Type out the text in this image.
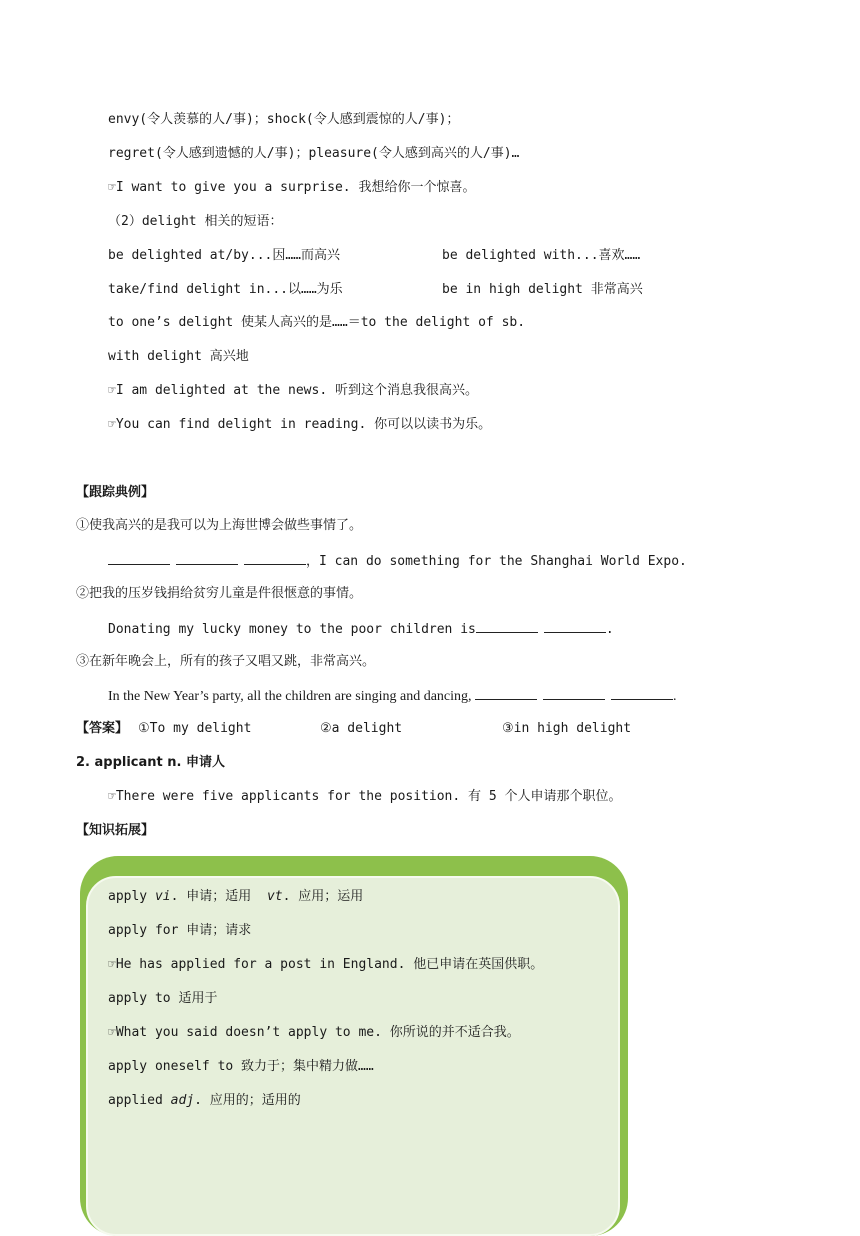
envy(令人羡慕的人/事)；shock(令人感到震惊的人/事)；
regret(令人感到遗憾的人/事)；pleasure(令人感到高兴的人/事)…
☞I want to give you a surprise. 我想给你一个惊喜。
（2）delight 相关的短语：
be delighted at/by...因……而高兴	be delighted with...喜欢……
take/find delight in...以……为乐	be in high delight 非常高兴
to one’s delight 使某人高兴的是……＝to the delight of sb.
with delight 高兴地
☞I am delighted at the news. 听到这个消息我很高兴。
☞You can find delight in reading. 你可以以读书为乐。
【跟踪典例】
①使我高兴的是我可以为上海世博会做些事情了。
，I can do something for the Shanghai World Expo.
②把我的压岁钱捐给贫穷儿童是件很惬意的事情。
Donating my lucky money to the poor children is	.
③在新年晚会上，所有的孩子又唱又跳，非常高兴。
In the New Year’s party, all the children are singing and dancing,	.
【答案】 ①To my delight	②a delight	③in high delight
2. applicant n. 申请人
☞There were five applicants for the position. 有 5 个人申请那个职位。
【知识拓展】
apply vi. 申请；适用  vt. 应用；运用
apply for 申请；请求
☞He has applied for a post in England. 他已申请在英国供职。
apply to 适用于
☞What you said doesn’t apply to me. 你所说的并不适合我。
apply oneself to 致力于；集中精力做……
applied adj. 应用的；适用的
